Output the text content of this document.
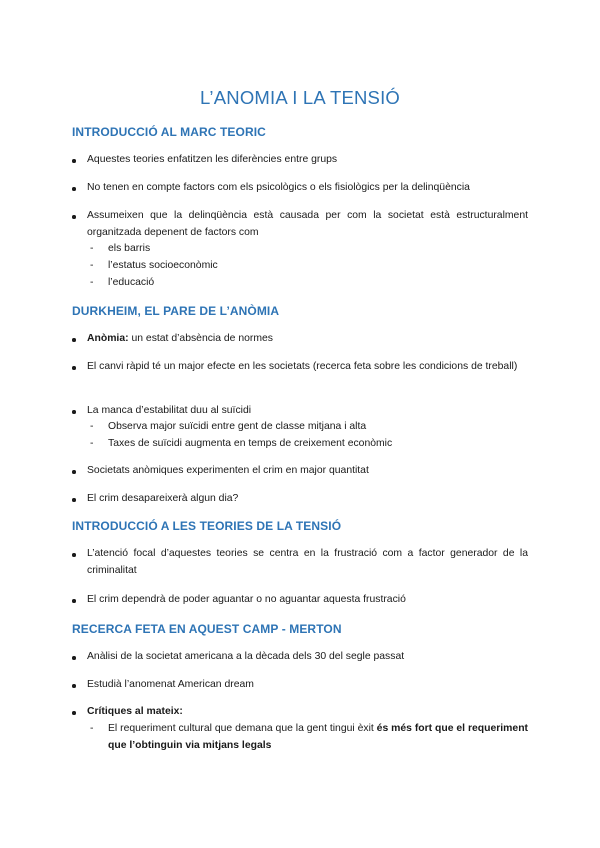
L’ANOMIA I LA TENSIÓ
INTRODUCCIÓ AL MARC TEORIC
Aquestes teories enfatitzen les diferències entre grups
No tenen en compte factors com els psicològics o els fisiològics per la delinqüència
Assumeixen que la delinqüència està causada per com la societat està estructuralment organitzada depenent de factors com
- els barris
- l’estatus socioeconòmic
- l’educació
DURKHEIM, EL PARE DE L’ANÒMIA
Anòmia: un estat d’absència de normes
El canvi ràpid té un major efecte en les societats (recerca feta sobre les condicions de treball)
La manca d’estabilitat duu al suïcidi
- Observa major suïcidi entre gent de classe mitjana i alta
- Taxes de suïcidi augmenta en temps de creixement econòmic
Societats anòmiques experimenten el crim en major quantitat
El crim desapareixerà algun dia?
INTRODUCCIÓ A LES TEORIES DE LA TENSIÓ
L’atenció focal d’aquestes teories se centra en la frustració com a factor generador de la criminalitat
El crim dependrà de poder aguantar o no aguantar aquesta frustració
RECERCA FETA EN AQUEST CAMP - MERTON
Anàlisi de la societat americana a la dècada dels 30 del segle passat
Estudià l’anomenat American dream
Crítiques al mateix:
- El requeriment cultural que demana que la gent tingui èxit és més fort que el requeriment que l’obtinguin via mitjans legals
